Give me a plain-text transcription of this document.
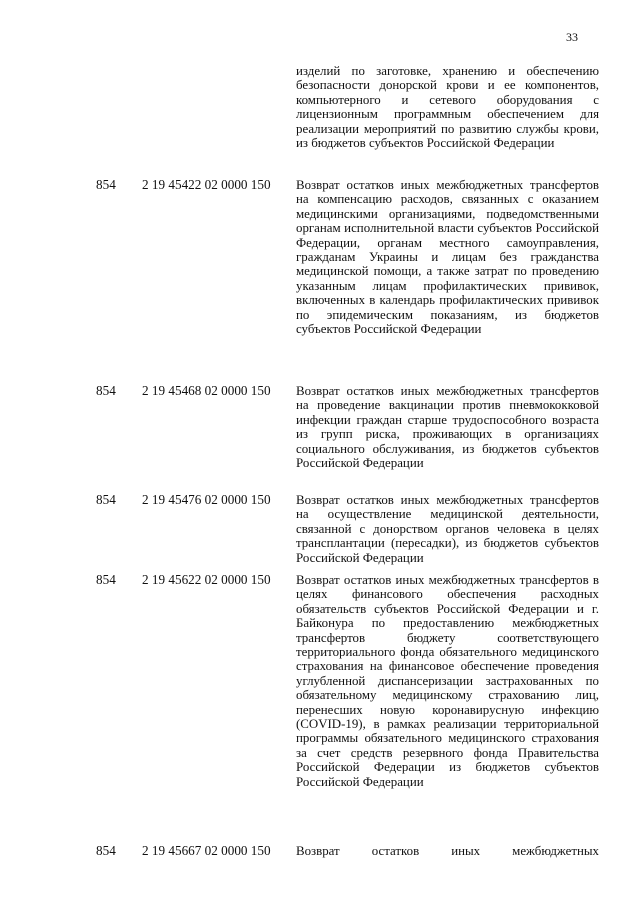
33
изделий по заготовке, хранению и обеспечению безопасности донорской крови и ее компонентов, компьютерного и сетевого оборудования с лицензионным программным обеспечением для реализации мероприятий по развитию службы крови, из бюджетов субъектов Российской Федерации
854 2 19 45422 02 0000 150 Возврат остатков иных межбюджетных трансфертов на компенсацию расходов, связанных с оказанием медицинскими организациями, подведомственными органам исполнительной власти субъектов Российской Федерации, органам местного самоуправления, гражданам Украины и лицам без гражданства медицинской помощи, а также затрат по проведению указанным лицам профилактических прививок, включенных в календарь профилактических прививок по эпидемическим показаниям, из бюджетов субъектов Российской Федерации
854 2 19 45468 02 0000 150 Возврат остатков иных межбюджетных трансфертов на проведение вакцинации против пневмококковой инфекции граждан старше трудоспособного возраста из групп риска, проживающих в организациях социального обслуживания, из бюджетов субъектов Российской Федерации
854 2 19 45476 02 0000 150 Возврат остатков иных межбюджетных трансфертов на осуществление медицинской деятельности, связанной с донорством органов человека в целях трансплантации (пересадки), из бюджетов субъектов Российской Федерации
854 2 19 45622 02 0000 150 Возврат остатков иных межбюджетных трансфертов в целях финансового обеспечения расходных обязательств субъектов Российской Федерации и г. Байконура по предоставлению межбюджетных трансфертов бюджету соответствующего территориального фонда обязательного медицинского страхования на финансовое обеспечение проведения углубленной диспансеризации застрахованных по обязательному медицинскому страхованию лиц, перенесших новую коронавирусную инфекцию (COVID-19), в рамках реализации территориальной программы обязательного медицинского страхования за счет средств резервного фонда Правительства Российской Федерации из бюджетов субъектов Российской Федерации
854 2 19 45667 02 0000 150 Возврат остатков иных межбюджетных
